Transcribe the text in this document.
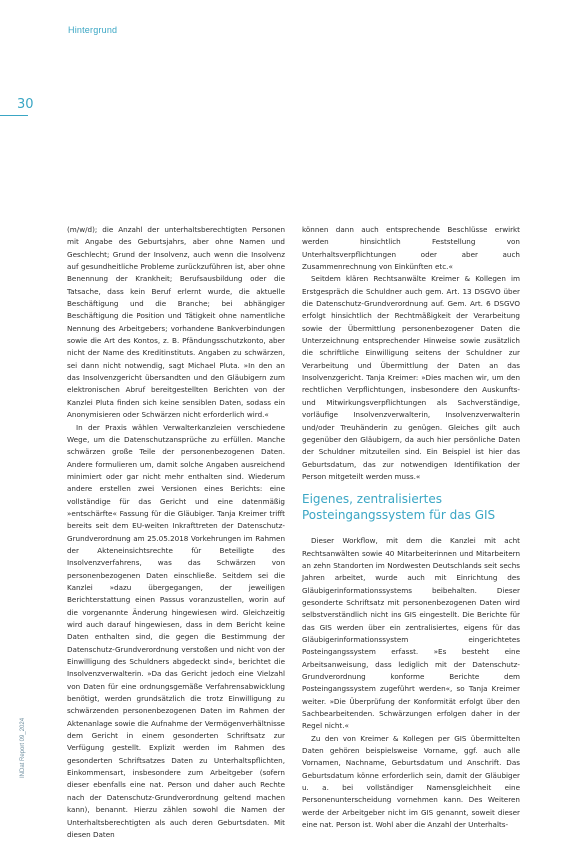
Hintergrund
30
INDat Report 09_2024

(m/w/d); die Anzahl der unterhaltsberechtigten Personen mit Angabe des Geburtsjahrs, aber ohne Namen und Geschlecht; Grund der Insolvenz, auch wenn die Insolvenz auf gesundheitliche Probleme zurückzuführen ist, aber ohne Benennung der Krankheit; Berufsausbildung oder die Tatsache, dass kein Beruf erlernt wurde, die aktuelle Beschäftigung und die Branche; bei abhängiger Beschäftigung die Position und Tätigkeit ohne namentliche Nennung des Arbeitgebers; vorhandene Bankverbindungen sowie die Art des Kontos, z. B. Pfändungsschutzkonto, aber nicht der Name des Kreditinstituts. Angaben zu schwärzen, sei dann nicht notwendig, sagt Michael Pluta. »In den an das Insolvenzgericht übersandten und den Gläubigern zum elektronischen Abruf bereitgestellten Berichten von der Kanzlei Pluta finden sich keine sensiblen Daten, sodass ein Anonymisieren oder Schwärzen nicht erforderlich wird.«

In der Praxis wählen Verwalterkanzleien verschiedene Wege, um die Datenschutzansprüche zu erfüllen. Manche schwärzen große Teile der personenbezogenen Daten. Andere formulieren um, damit solche Angaben ausreichend minimiert oder gar nicht mehr enthalten sind. Wiederum andere erstellen zwei Versionen eines Berichts: eine vollständige für das Gericht und eine datenmäßig »entschärfte« Fassung für die Gläubiger. Tanja Kreimer trifft bereits seit dem EU-weiten Inkrafttreten der Datenschutz-Grundverordnung am 25.05.2018 Vorkehrungen im Rahmen der Akteneinsichtsrechte für Beteiligte des Insolvenzverfahrens, was das Schwärzen von personenbezogenen Daten einschließe. Seitdem sei die Kanzlei »dazu übergegangen, der jeweiligen Berichterstattung einen Passus voranzustellen, worin auf die vorgenannte Änderung hingewiesen wird. Gleichzeitig wird auch darauf hingewiesen, dass in dem Bericht keine Daten enthalten sind, die gegen die Bestimmung der Datenschutz-Grundverordnung verstoßen und nicht von der Einwilligung des Schuldners abgedeckt sind«, berichtet die Insolvenzverwalterin. »Da das Gericht jedoch eine Vielzahl von Daten für eine ordnungsgemäße Verfahrensabwicklung benötigt, werden grundsätzlich die trotz Einwilligung zu schwärzenden personenbezogenen Daten im Rahmen der Aktenanlage sowie die Aufnahme der Vermögenverhältnisse dem Gericht in einem gesonderten Schriftsatz zur Verfügung gestellt. Explizit werden im Rahmen des gesonderten Schriftsatzes Daten zu Unterhaltspflichten, Einkommensart, insbesondere zum Arbeitgeber (sofern dieser ebenfalls eine nat. Person und daher auch Rechte nach der Datenschutz-Grundverordnung geltend machen kann), benannt. Hierzu zählen sowohl die Namen der Unterhaltsberechtigten als auch deren Geburtsdaten. Mit diesen Daten

können dann auch entsprechende Beschlüsse erwirkt werden hinsichtlich Feststellung von Unterhaltsverpflichtungen oder aber auch Zusammenrechnung von Einkünften etc.«

Seitdem klären Rechtsanwälte Kreimer & Kollegen im Erstgespräch die Schuldner auch gem. Art. 13 DSGVO über die Datenschutz-Grundverordnung auf. Gem. Art. 6 DSGVO erfolgt hinsichtlich der Rechtmäßigkeit der Verarbeitung sowie der Übermittlung personenbezogener Daten die Unterzeichnung entsprechender Hinweise sowie zusätzlich die schriftliche Einwilligung seitens der Schuldner zur Verarbeitung und Übermittlung der Daten an das Insolvenzgericht. Tanja Kreimer: »Dies machen wir, um den rechtlichen Verpflichtungen, insbesondere den Auskunfts- und Mitwirkungsverpflichtungen als Sachverständige, vorläufige Insolvenzverwalterin, Insolvenzverwalterin und/oder Treuhänderin zu genügen. Gleiches gilt auch gegenüber den Gläubigern, da auch hier persönliche Daten der Schuldner mitzuteilen sind. Ein Beispiel ist hier das Geburtsdatum, das zur notwendigen Identifikation der Person mitgeteilt werden muss.«

Eigenes, zentralisiertes Posteingangssystem für das GIS

Dieser Workflow, mit dem die Kanzlei mit acht Rechtsanwälten sowie 40 Mitarbeiterinnen und Mitarbeitern an zehn Standorten im Nordwesten Deutschlands seit sechs Jahren arbeitet, wurde auch mit Einrichtung des Gläubigerinformationssystems beibehalten. Dieser gesonderte Schriftsatz mit personenbezogenen Daten wird selbstverständlich nicht ins GIS eingestellt. Die Berichte für das GIS werden über ein zentralisiertes, eigens für das Gläubigerinformationssystem eingerichtetes Posteingangssystem erfasst. »Es besteht eine Arbeitsanweisung, dass lediglich mit der Datenschutz-Grundverordnung konforme Berichte dem Posteingangssystem zugeführt werden«, so Tanja Kreimer weiter. »Die Überprüfung der Konformität erfolgt über den Sachbearbeitenden. Schwärzungen erfolgen daher in der Regel nicht.«

Zu den von Kreimer & Kollegen per GIS übermittelten Daten gehören beispielsweise Vorname, ggf. auch alle Vornamen, Nachname, Geburtsdatum und Anschrift. Das Geburtsdatum könne erforderlich sein, damit der Gläubiger u. a. bei vollständiger Namensgleichheit eine Personenunterscheidung vornehmen kann. Des Weiteren werde der Arbeitgeber nicht im GIS genannt, soweit dieser eine nat. Person ist. Wohl aber die Anzahl der Unterhalts-
